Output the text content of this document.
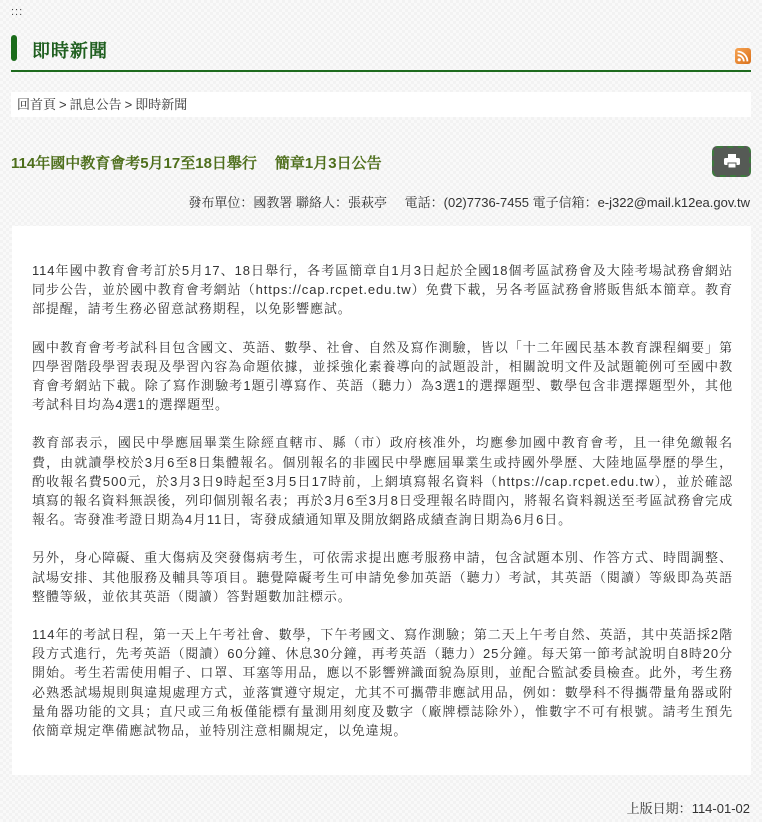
:::
即時新聞
回首頁 > 訊息公告 > 即時新聞
114年國中教育會考5月17至18日舉行 簡章1月3日公告
發布單位：國教署 聯絡人：張萩亭 電話：(02)7736-7455 電子信箱：e-j322@mail.k12ea.gov.tw

114年國中教育會考訂於5月17、18日舉行，各考區簡章自1月3日起於全國18個考區試務會及大陸考場試務會網站同步公告，並於國中教育會考網站（https://cap.rcpet.edu.tw）免費下載，另各考區試務會將販售紙本簡章。教育部提醒，請考生務必留意試務期程，以免影響應試。

國中教育會考考試科目包含國文、英語、數學、社會、自然及寫作測驗，皆以「十二年國民基本教育課程綱要」第四學習階段學習表現及學習內容為命題依據，並採強化素養導向的試題設計，相關說明文件及試題範例可至國中教育會考網站下載。除了寫作測驗考1題引導寫作、英語（聽力）為3選1的選擇題型、數學包含非選擇題型外，其他考試科目均為4選1的選擇題型。

教育部表示，國民中學應屆畢業生除經直轄市、縣（市）政府核准外，均應參加國中教育會考，且一律免繳報名費，由就讀學校於3月6至8日集體報名。個別報名的非國民中學應屆畢業生或持國外學歷、大陸地區學歷的學生，酌收報名費500元，於3月3日9時起至3月5日17時前，上網填寫報名資料（https://cap.rcpet.edu.tw），並於確認填寫的報名資料無誤後，列印個別報名表；再於3月6至3月8日受理報名時間內，將報名資料親送至考區試務會完成報名。寄發准考證日期為4月11日，寄發成績通知單及開放網路成績查詢日期為6月6日。

另外，身心障礙、重大傷病及突發傷病考生，可依需求提出應考服務申請，包含試題本別、作答方式、時間調整、試場安排、其他服務及輔具等項目。聽覺障礙考生可申請免參加英語（聽力）考試，其英語（閱讀）等級即為英語整體等級，並依其英語（閱讀）答對題數加註標示。

114年的考試日程，第一天上午考社會、數學，下午考國文、寫作測驗；第二天上午考自然、英語，其中英語採2階段方式進行，先考英語（閱讀）60分鐘、休息30分鐘，再考英語（聽力）25分鐘。每天第一節考試說明自8時20分開始。考生若需使用帽子、口罩、耳塞等用品，應以不影響辨識面貌為原則，並配合監試委員檢查。此外，考生務必熟悉試場規則與違規處理方式，並落實遵守規定，尤其不可攜帶非應試用品，例如：數學科不得攜帶量角器或附量角器功能的文具；直尺或三角板僅能標有量測用刻度及數字（廠牌標誌除外），惟數字不可有根號。請考生預先依簡章規定準備應試物品，並特別注意相關規定，以免違規。

上版日期：114-01-02
